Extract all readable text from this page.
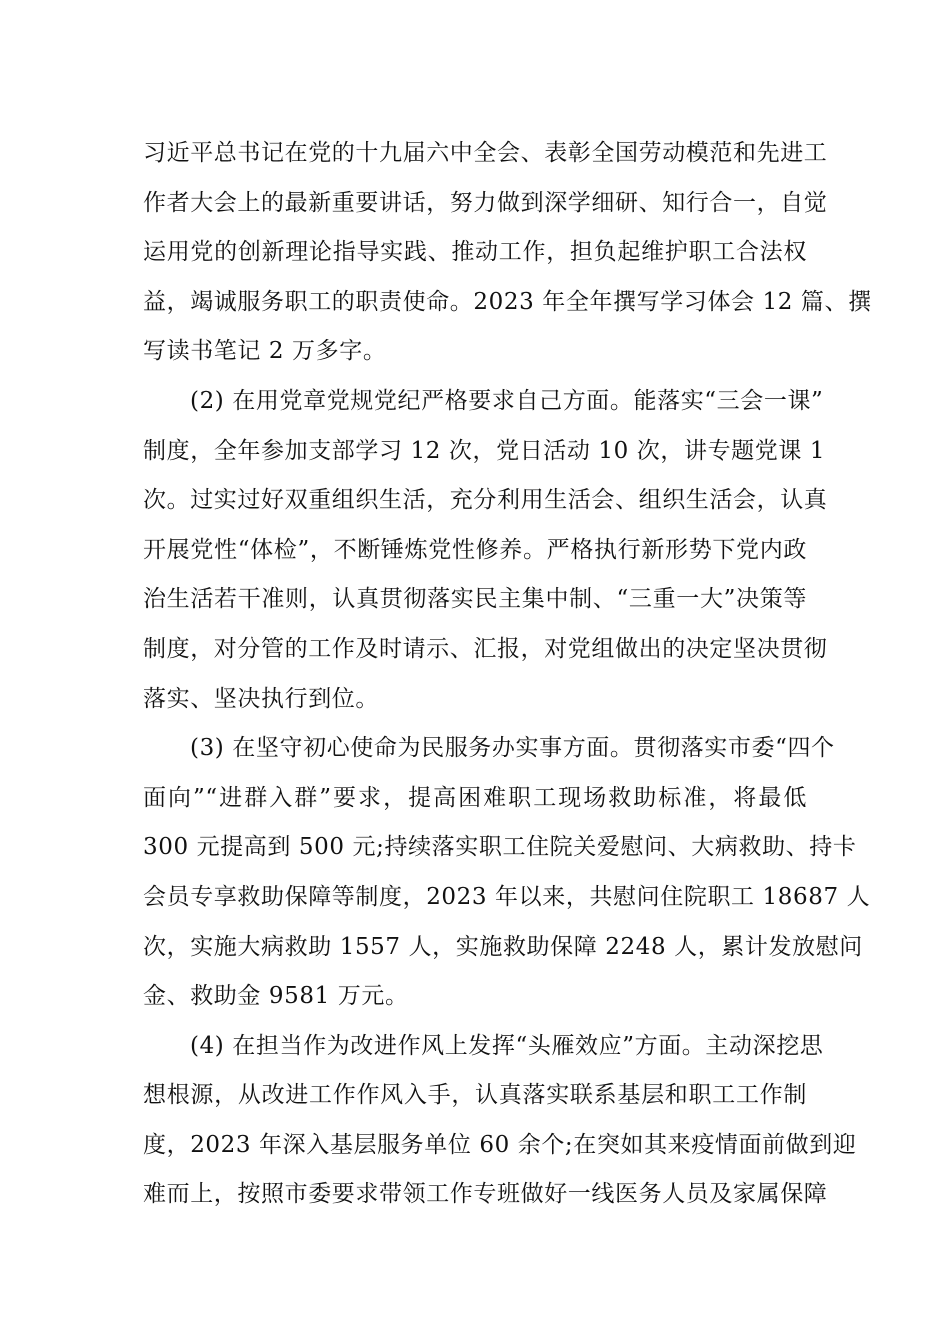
习近平总书记在党的十九届六中全会、表彰全国劳动模范和先进工
作者大会上的最新重要讲话，努力做到深学细研、知行合一，自觉
运用党的创新理论指导实践、推动工作，担负起维护职工合法权
益，竭诚服务职工的职责使命。2023 年全年撰写学习体会 12 篇、撰
写读书笔记 2 万多字。
(2) 在用党章党规党纪严格要求自己方面。能落实“三会一课”
制度，全年参加支部学习 12 次，党日活动 10 次，讲专题党课 1
次。过实过好双重组织生活，充分利用生活会、组织生活会，认真
开展党性“体检”，不断锤炼党性修养。严格执行新形势下党内政
治生活若干准则，认真贯彻落实民主集中制、“三重一大”决策等
制度，对分管的工作及时请示、汇报，对党组做出的决定坚决贯彻
落实、坚决执行到位。
(3) 在坚守初心使命为民服务办实事方面。贯彻落实市委“四个
面向”“进群入群”要求，提高困难职工现场救助标准，将最低
300 元提高到 500 元;持续落实职工住院关爱慰问、大病救助、持卡
会员专享救助保障等制度，2023 年以来，共慰问住院职工 18687 人
次，实施大病救助 1557 人，实施救助保障 2248 人，累计发放慰问
金、救助金 9581 万元。
(4) 在担当作为改进作风上发挥“头雁效应”方面。主动深挖思
想根源，从改进工作作风入手，认真落实联系基层和职工工作制
度，2023 年深入基层服务单位 60 余个;在突如其来疫情面前做到迎
难而上，按照市委要求带领工作专班做好一线医务人员及家属保障
